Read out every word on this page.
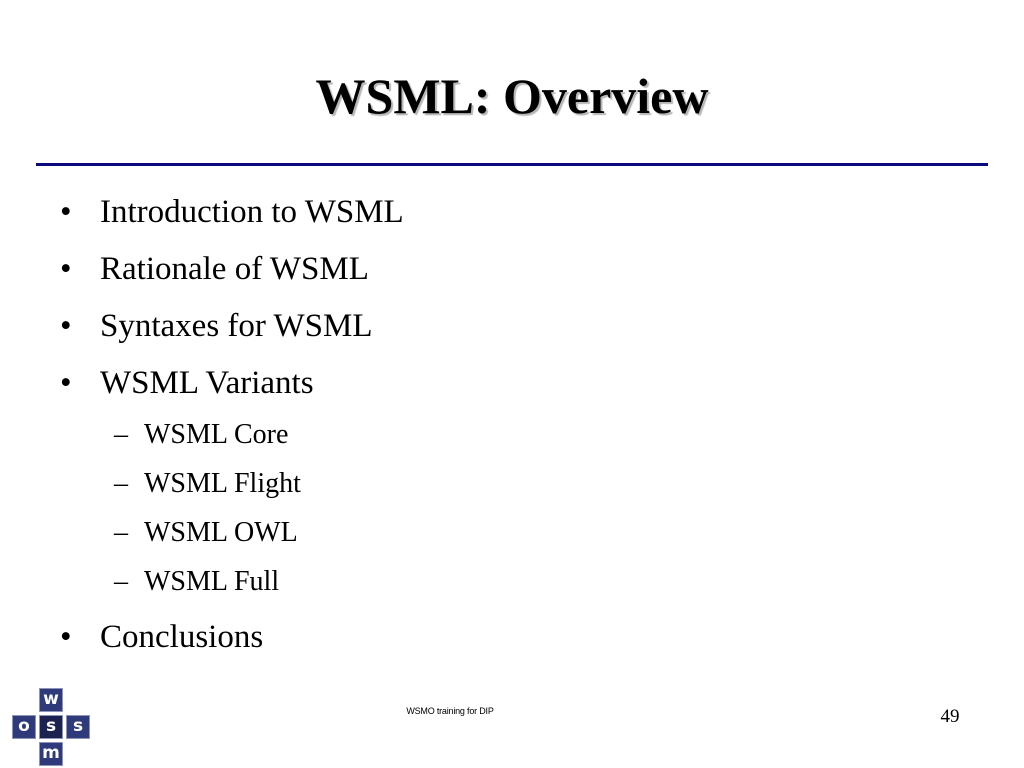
WSML: Overview
• Introduction to WSML
• Rationale of WSML
• Syntaxes for WSML
• WSML Variants
– WSML Core
– WSML Flight
– WSML OWL
– WSML Full
• Conclusions
w
o s s
m
WSMO training for DIP	49
